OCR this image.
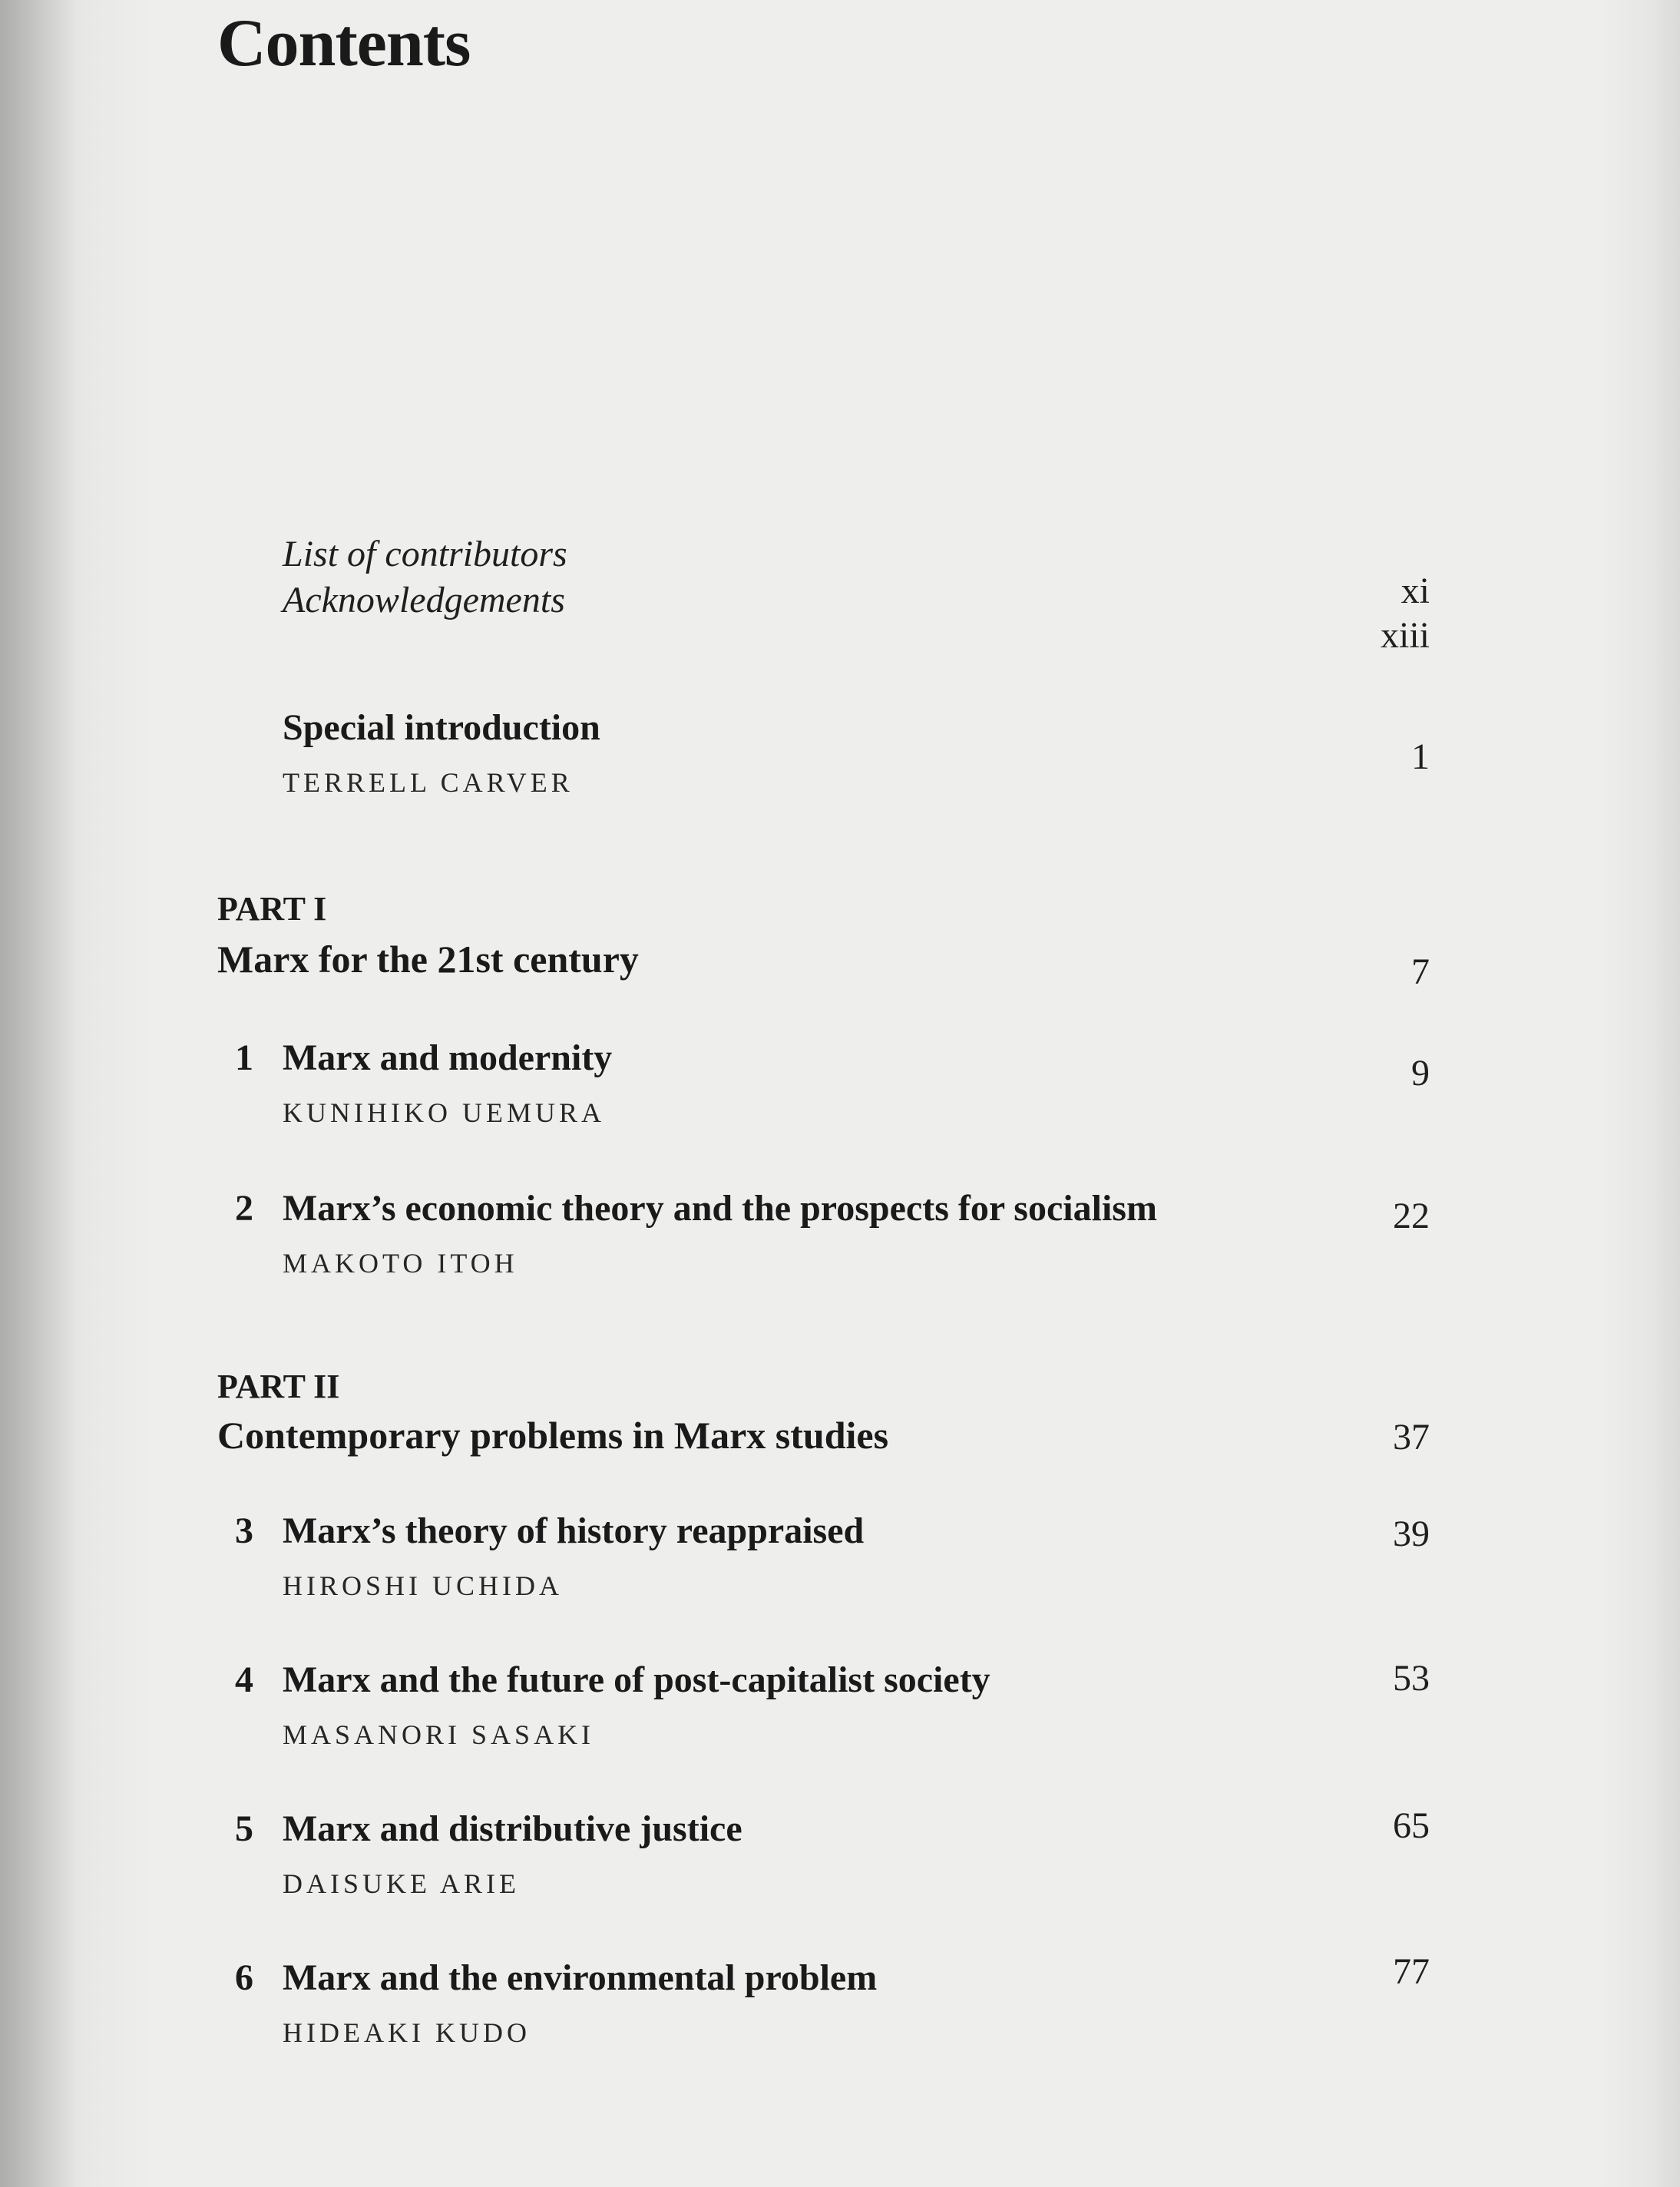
Contents
List of contributors
xi
Acknowledgements
xiii
Special introduction
TERRELL CARVER
1
PART I
Marx for the 21st century	7
1 Marx and modernity
KUNIHIKO UEMURA
9
2 Marx’s economic theory and the prospects for socialism
MAKOTO ITOH
22
PART II
Contemporary problems in Marx studies	37
3 Marx’s theory of history reappraised
HIROSHI UCHIDA
39
4 Marx and the future of post-capitalist society
MASANORI SASAKI
53
5 Marx and distributive justice
DAISUKE ARIE
65
6 Marx and the environmental problem
HIDEAKI KUDO
77
